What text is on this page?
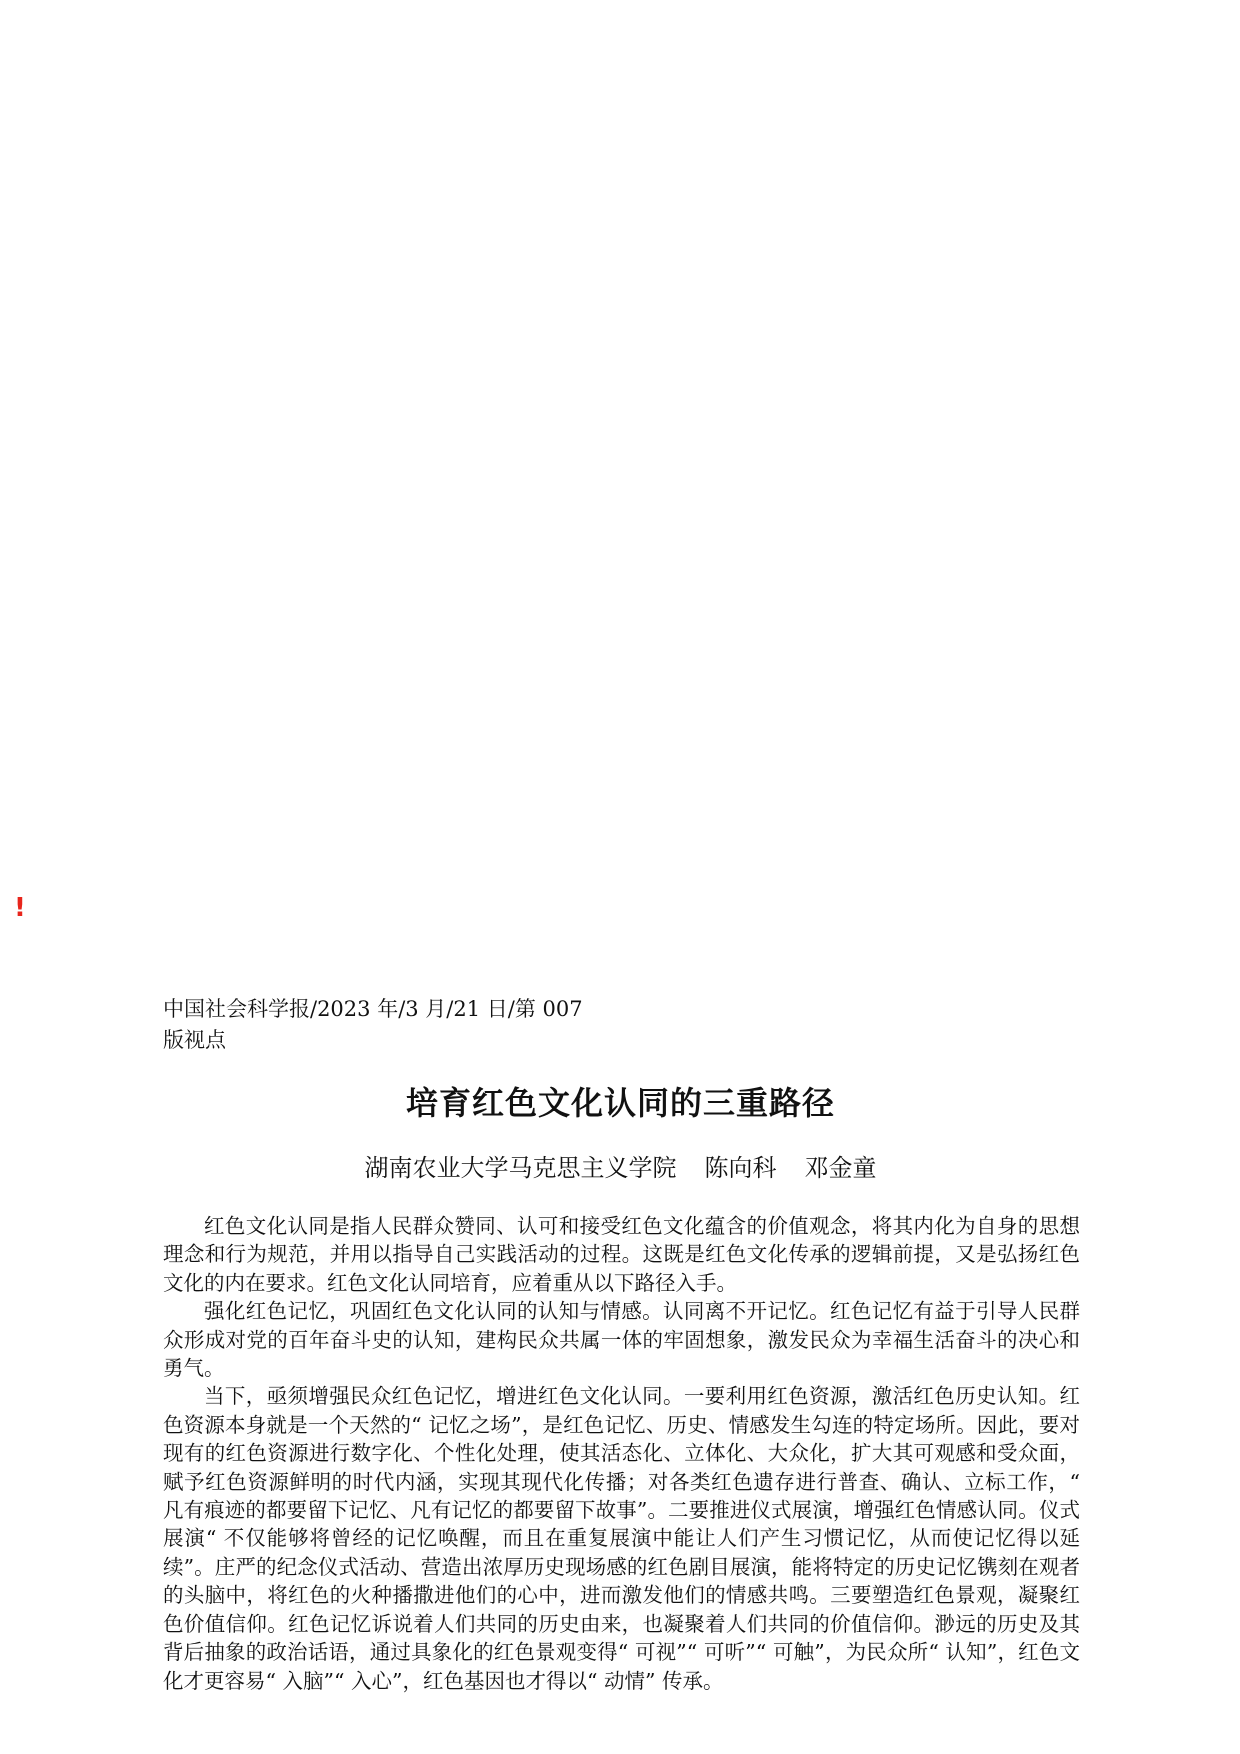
!
中国社会科学报/2023 年/3 月/21 日/第 007
版视点
培育红色文化认同的三重路径
湖南农业大学马克思主义学院 陈向科 邓金童

红色文化认同是指人民群众赞同、认可和接受红色文化蕴含的价值观念，将其内化为自身的思想理念和行为规范，并用以指导自己实践活动的过程。这既是红色文化传承的逻辑前提，又是弘扬红色文化的内在要求。红色文化认同培育，应着重从以下路径入手。

强化红色记忆，巩固红色文化认同的认知与情感。认同离不开记忆。红色记忆有益于引导人民群众形成对党的百年奋斗史的认知，建构民众共属一体的牢固想象，激发民众为幸福生活奋斗的决心和勇气。

当下，亟须增强民众红色记忆，增进红色文化认同。一要利用红色资源，激活红色历史认知。红色资源本身就是一个天然的“ 记忆之场”，是红色记忆、历史、情感发生勾连的特定场所。因此，要对现有的红色资源进行数字化、个性化处理，使其活态化、立体化、大众化，扩大其可观感和受众面，赋予红色资源鲜明的时代内涵，实现其现代化传播；对各类红色遗存进行普查、确认、立标工作，“ 凡有痕迹的都要留下记忆、凡有记忆的都要留下故事”。二要推进仪式展演，增强红色情感认同。仪式展演“ 不仅能够将曾经的记忆唤醒，而且在重复展演中能让人们产生习惯记忆，从而使记忆得以延续”。庄严的纪念仪式活动、营造出浓厚历史现场感的红色剧目展演，能将特定的历史记忆镌刻在观者的头脑中，将红色的火种播撒进他们的心中，进而激发他们的情感共鸣。三要塑造红色景观，凝聚红色价值信仰。红色记忆诉说着人们共同的历史由来，也凝聚着人们共同的价值信仰。渺远的历史及其背后抽象的政治话语，通过具象化的红色景观变得“ 可视”“ 可听”“ 可触”，为民众所“ 认知”，红色文化才更容易“ 入脑”“ 入心”，红色基因也才得以“ 动情” 传承。
